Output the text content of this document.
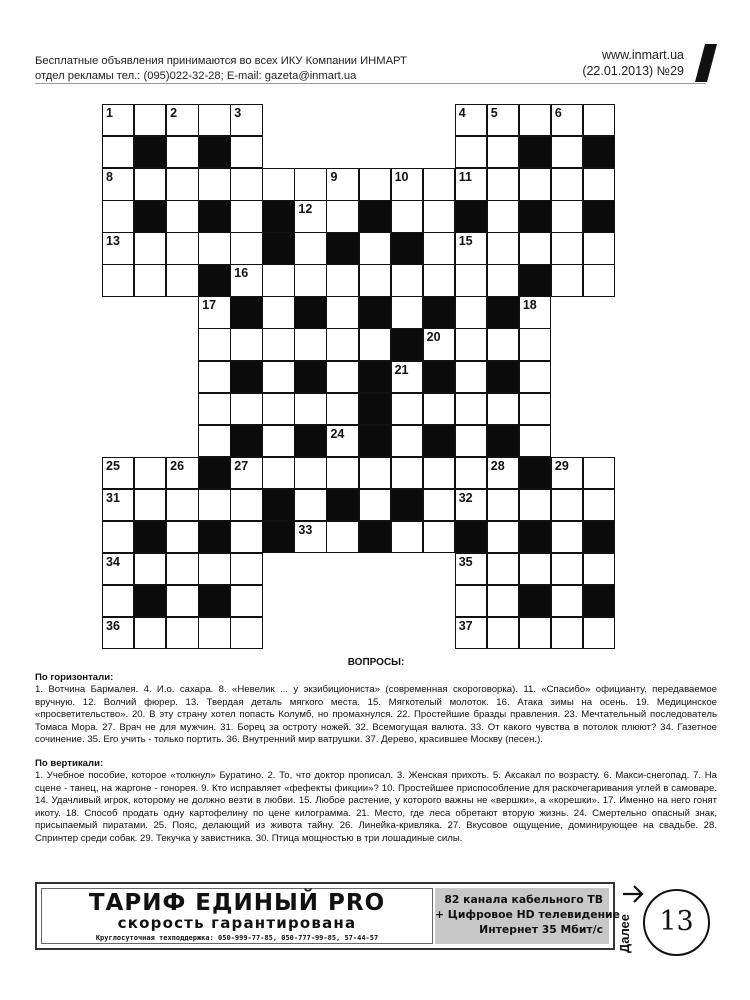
Бесплатные объявления принимаются во всех ИКУ Компании ИНМАРТ
отдел рекламы тел.: (095)022-32-28; E-mail: gazeta@inmart.ua
www.inmart.ua
(22.01.2013) №29
1	2	3	4 5	6
8	9	10	11
12
13	15
16
17	18
20
21
24
25	26	27	28	29
31	32
33
34	35
36	37
ВОПРОСЫ:
По горизонтали:
1. Вотчина Бармалея. 4. И.о. сахара. 8. «Невелик ... у экзибиционистa» (современная скороговорка). 11. «Спасибо» официанту, передаваемое вручную. 12. Волчий фюрер. 13. Твердая деталь мягкого места. 15. Мягкотелый молоток. 16. Атака зимы на осень. 19. Медицинское «просветительство». 20. В эту страну хотел попасть Колумб, но промахнулся. 22. Простейшие бразды правления. 23. Мечтательный последователь Томаса Мора. 27. Врач не для мужчин. 31. Борец за остроту ножей. 32. Всемогущая валюта. 33. От какого чувства в потолок плюют? 34. Газетное сочинение. 35. Его учить - только портить. 36. Внутренний мир ватрушки. 37. Дерево, красившее Москву (песен.).
По вертикали:
1. Учебное пособие, которое «толкнул» Буратино. 2. То, что доктор прописал. 3. Женская прихоть. 5. Аксакал по возрасту. 6. Макси-снегопад. 7. На сцене - танец, на жаргоне - гонорея. 9. Кто исправляет «фефекты фикции»? 10. Простейшее приспособление для раскочегаривания углей в самоваре. 14. Удачливый игрок, которому не должно везти в любви. 15. Любое растение, у которого важны не «вершки», а «корешки». 17. Именно на него гонят икоту. 18. Способ продать одну картофелину по цене килограмма. 21. Место, где леса обретают вторую жизнь. 24. Смертельно опасный знак, присыпаемый пиратами. 25. Пояс, делающий из живота тайну. 26. Линейка-кривляка. 27. Вкусовое ощущение, доминирующее на свадьбе. 28. Спринтер среди собак. 29. Текучка у завистника. 30. Птица мощностью в три лошадиные силы.
ТАРИФ ЕДИНЫЙ PRO
скорость гарантирована
Круглосуточная техподдержка: 050-999-77-85, 050-777-99-85, 57-44-57
82 канала кабельного ТВ
+ Цифровое HD телевидение
Интернет 35 Мбит/с Далее	13
